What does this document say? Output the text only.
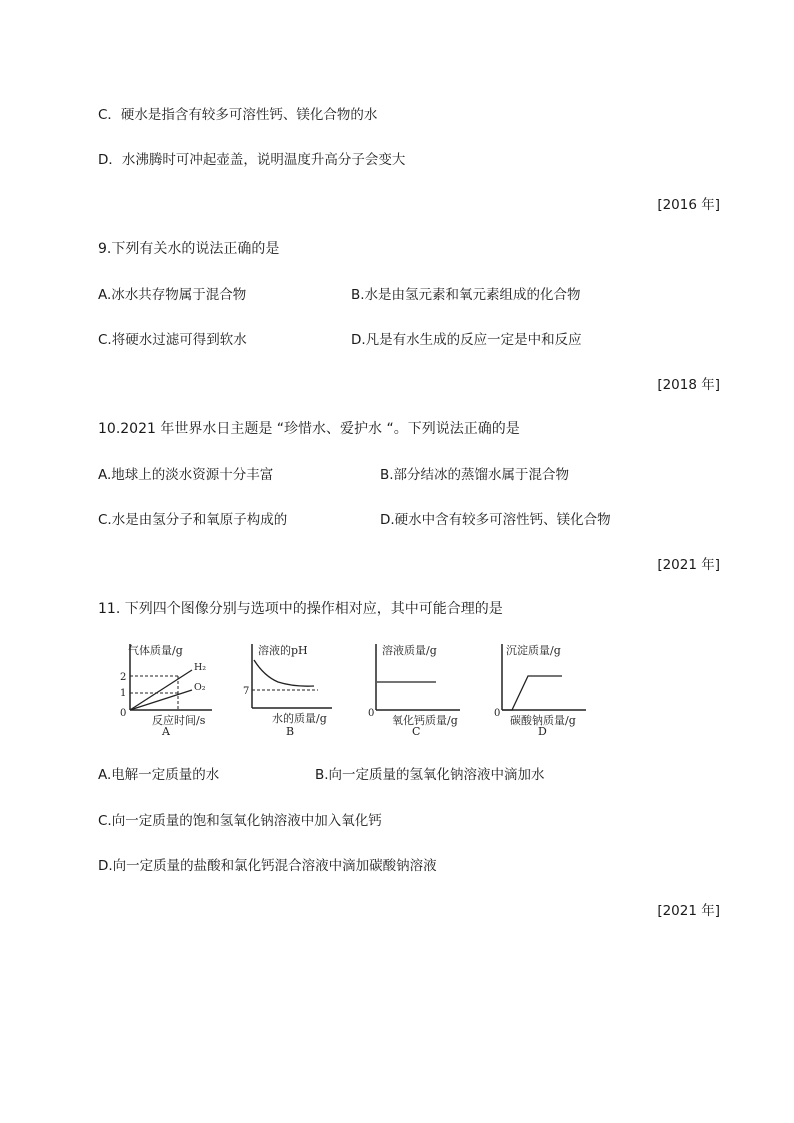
C．硬水是指含有较多可溶性钙、镁化合物的水
D．水沸腾时可冲起壶盖，说明温度升高分子会变大
[2016 年]
9.下列有关水的说法正确的是
A.冰水共存物属于混合物	B.水是由氢元素和氧元素组成的化合物
C.将硬水过滤可得到软水	D.凡是有水生成的反应一定是中和反应
[2018 年]
10.2021 年世界水日主题是 “珍惜水、爱护水 “。下列说法正确的是
A.地球上的淡水资源十分丰富	B.部分结冰的蒸馏水属于混合物
C.水是由氢分子和氧原子构成的	D.硬水中含有较多可溶性钙、镁化合物
[2021 年]
11. 下列四个图像分别与选项中的操作相对应，其中可能合理的是
气体质量/g
0
1
2
H₂
O₂
反应时间/s
A
溶液的pH
7
水的质量/g
B
溶液质量/g
0
氧化钙质量/g
C
沉淀质量/g
0
碳酸钠质量/g
D
A.电解一定质量的水	B.向一定质量的氢氧化钠溶液中滴加水
C.向一定质量的饱和氢氧化钠溶液中加入氧化钙
D.向一定质量的盐酸和氯化钙混合溶液中滴加碳酸钠溶液
[2021 年]
